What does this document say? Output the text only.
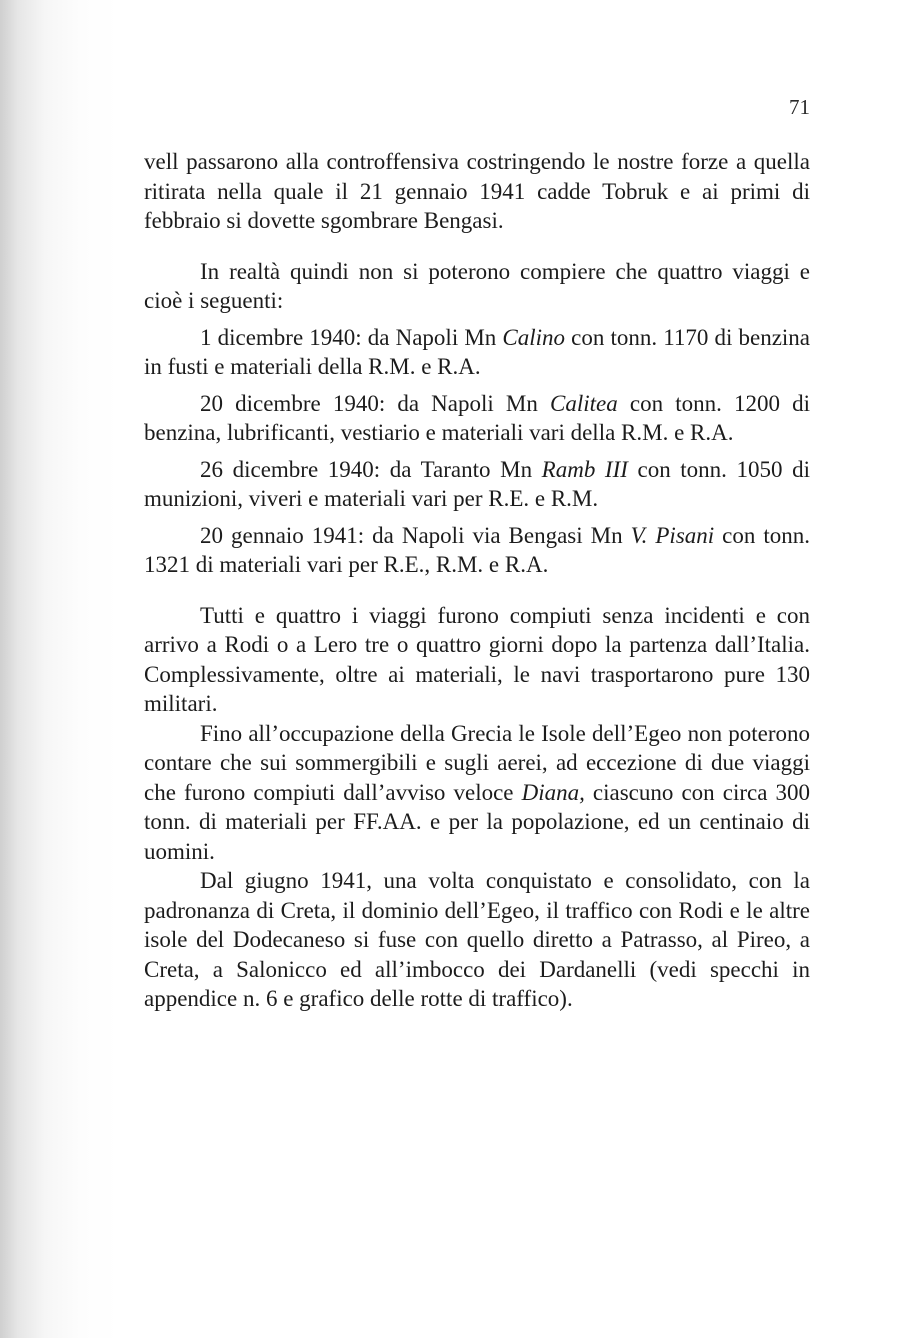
71

vell passarono alla controffensiva costringendo le nostre forze a quella ritirata nella quale il 21 gennaio 1941 cadde Tobruk e ai primi di febbraio si dovette sgombrare Bengasi.

In realtà quindi non si poterono compiere che quattro viaggi e cioè i seguenti:

1 dicembre 1940: da Napoli Mn Calino con tonn. 1170 di benzina in fusti e materiali della R.M. e R.A.

20 dicembre 1940: da Napoli Mn Calitea con tonn. 1200 di benzina, lubrificanti, vestiario e materiali vari della R.M. e R.A.

26 dicembre 1940: da Taranto Mn Ramb III con tonn. 1050 di munizioni, viveri e materiali vari per R.E. e R.M.

20 gennaio 1941: da Napoli via Bengasi Mn V. Pisani con tonn. 1321 di materiali vari per R.E., R.M. e R.A.

Tutti e quattro i viaggi furono compiuti senza incidenti e con arrivo a Rodi o a Lero tre o quattro giorni dopo la partenza dall’Italia. Complessivamente, oltre ai materiali, le navi trasportarono pure 130 militari.

Fino all’occupazione della Grecia le Isole dell’Egeo non poterono contare che sui sommergibili e sugli aerei, ad eccezione di due viaggi che furono compiuti dall’avviso veloce Diana, ciascuno con circa 300 tonn. di materiali per FF.AA. e per la popolazione, ed un centinaio di uomini.

Dal giugno 1941, una volta conquistato e consolidato, con la padronanza di Creta, il dominio dell’Egeo, il traffico con Rodi e le altre isole del Dodecaneso si fuse con quello diretto a Patrasso, al Pireo, a Creta, a Salonicco ed all’imbocco dei Dardanelli (vedi specchi in appendice n. 6 e grafico delle rotte di traffico).
